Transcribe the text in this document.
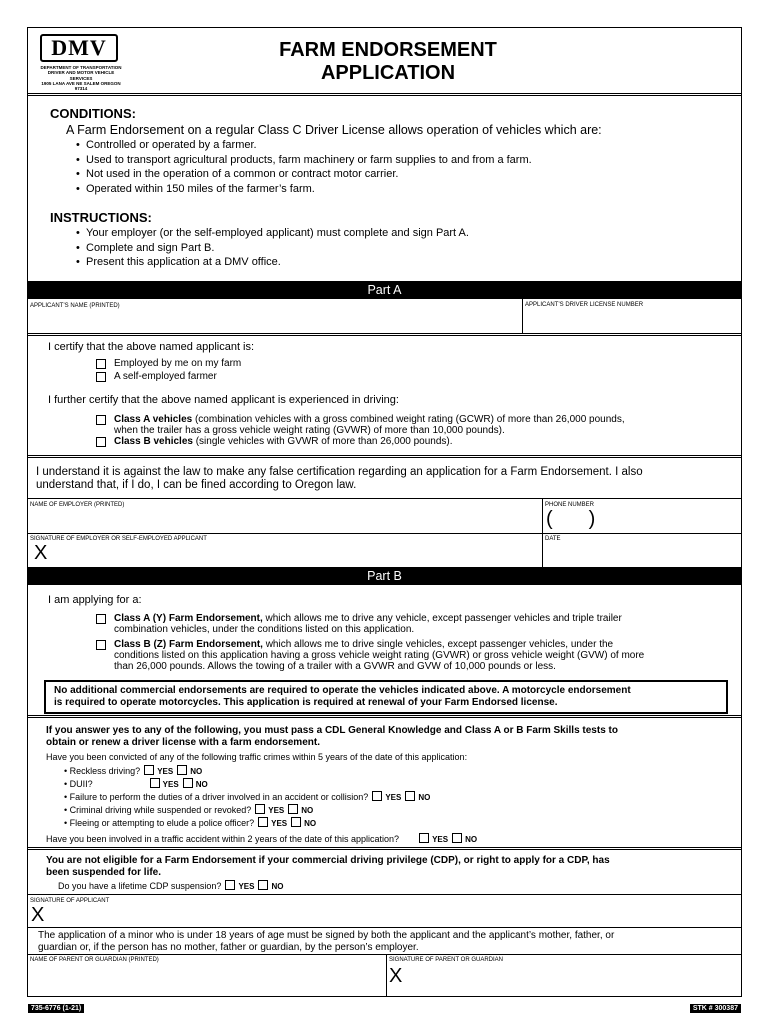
DMV
DEPARTMENT OF TRANSPORTATION
DRIVER AND MOTOR VEHICLE SERVICES
1905 LANA AVE NE SALEM OREGON 97314
FARM ENDORSEMENT
APPLICATION
CONDITIONS:
A Farm Endorsement on a regular Class C Driver License allows operation of vehicles which are:
• Controlled or operated by a farmer.
• Used to transport agricultural products, farm machinery or farm supplies to and from a farm.
• Not used in the operation of a common or contract motor carrier.
• Operated within 150 miles of the farmer’s farm.
INSTRUCTIONS:
• Your employer (or the self-employed applicant) must complete and sign Part A.
• Complete and sign Part B.
• Present this application at a DMV office.
Part A
APPLICANT’S NAME (PRINTED)	APPLICANT’S DRIVER LICENSE NUMBER
I certify that the above named applicant is:
Employed by me on my farm
A self-employed farmer
I further certify that the above named applicant is experienced in driving:
Class A vehicles (combination vehicles with a gross combined weight rating (GCWR) of more than 26,000 pounds,
when the trailer has a gross vehicle weight rating (GVWR) of more than 10,000 pounds).
Class B vehicles (single vehicles with GVWR of more than 26,000 pounds).
I understand it is against the law to make any false certification regarding an application for a Farm Endorsement. I also
understand that, if I do, I can be fined according to Oregon law.
NAME OF EMPLOYER (PRINTED)	PHONE NUMBER
( )
SIGNATURE OF EMPLOYER OR SELF-EMPLOYED APPLICANT
X
DATE
Part B
I am applying for a:
Class A (Y) Farm Endorsement, which allows me to drive any vehicle, except passenger vehicles and triple trailer
combination vehicles, under the conditions listed on this application.
Class B (Z) Farm Endorsement, which allows me to drive single vehicles, except passenger vehicles, under the
conditions listed on this application having a gross vehicle weight rating (GVWR) or gross vehicle weight (GVW) of more
than 26,000 pounds. Allows the towing of a trailer with a GVWR and GVW of 10,000 pounds or less.
No additional commercial endorsements are required to operate the vehicles indicated above. A motorcycle endorsement
is required to operate motorcycles. This application is required at renewal of your Farm Endorsed license.
If you answer yes to any of the following, you must pass a CDL General Knowledge and Class A or B Farm Skills tests to
obtain or renew a driver license with a farm endorsement.
Have you been convicted of any of the following traffic crimes within 5 years of the date of this application:
• Reckless driving? YES NO
• DUII?	YES NO
• Failure to perform the duties of a driver involved in an accident or collision? YES NO
• Criminal driving while suspended or revoked? YES NO
• Fleeing or attempting to elude a police officer? YES NO
Have you been involved in a traffic accident within 2 years of the date of this application?	YES NO
You are not eligible for a Farm Endorsement if your commercial driving privilege (CDP), or right to apply for a CDP, has
been suspended for life.
Do you have a lifetime CDP suspension? YES NO
SIGNATURE OF APPLICANT
X
The application of a minor who is under 18 years of age must be signed by both the applicant and the applicant’s mother, father, or
guardian or, if the person has no mother, father or guardian, by the person’s employer.
NAME OF PARENT OR GUARDIAN (PRINTED)	SIGNATURE OF PARENT OR GUARDIAN
X
735-6776 (1-21)	STK # 300387
